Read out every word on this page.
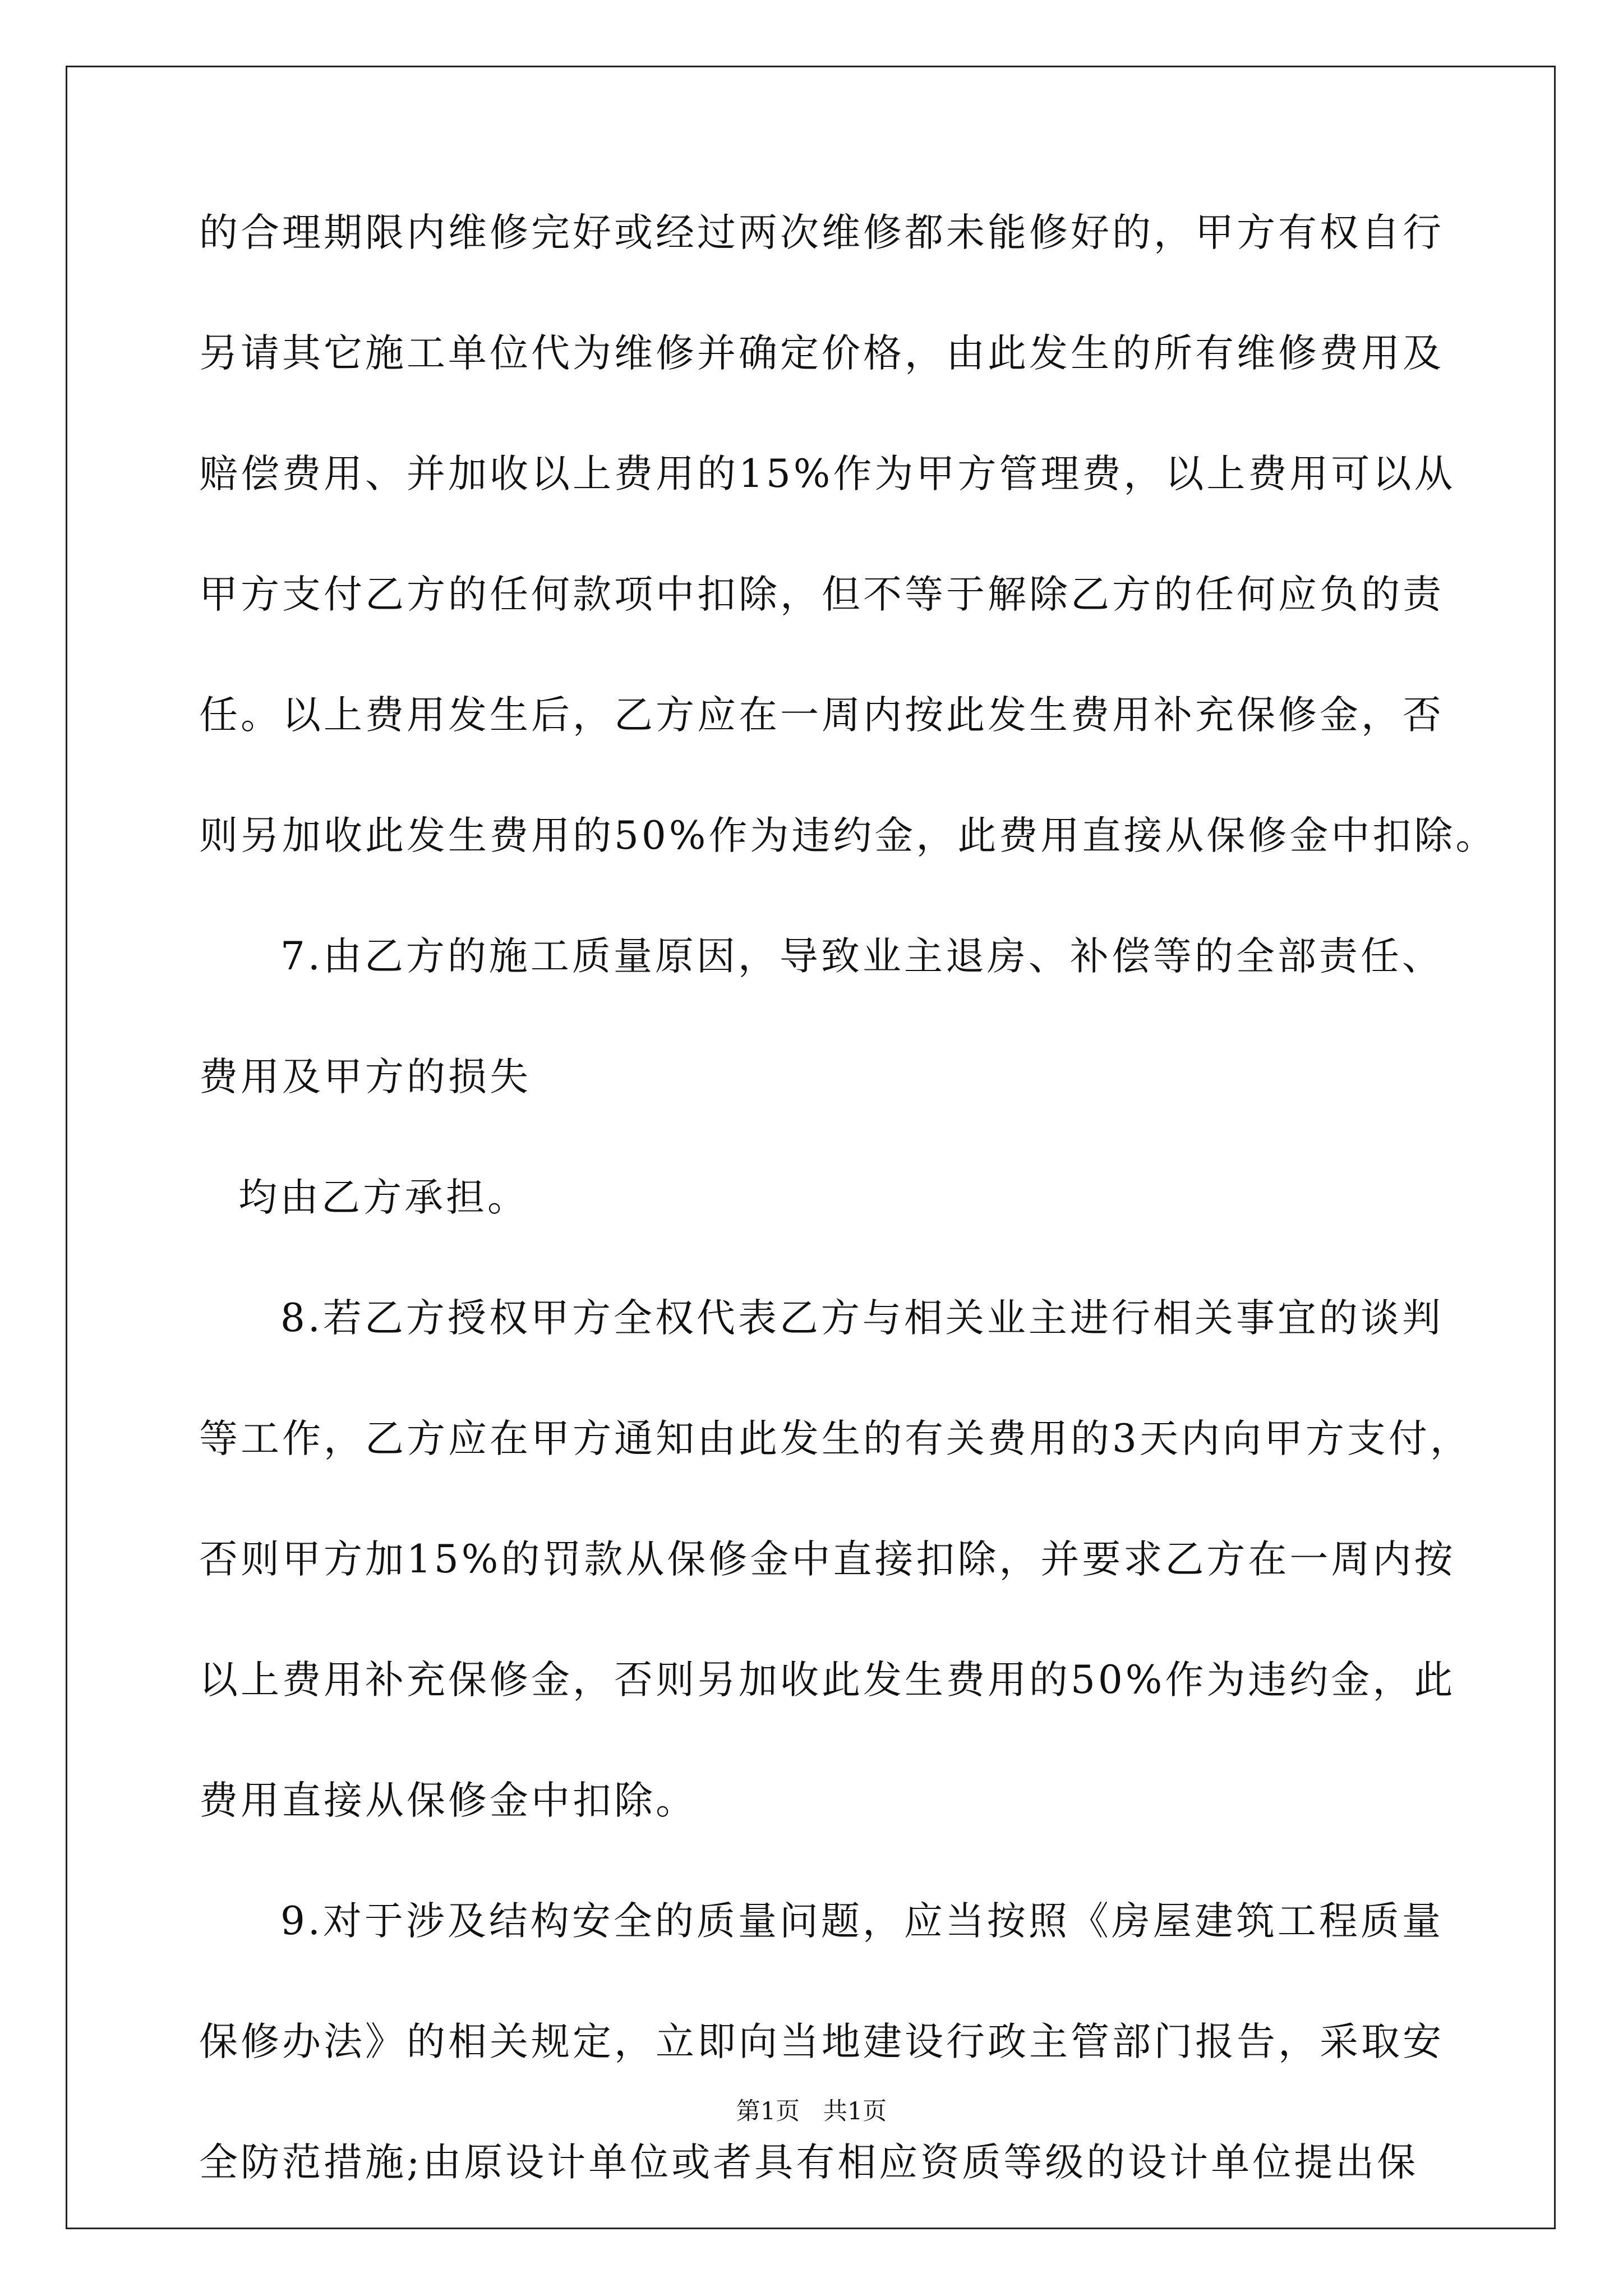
的合理期限内维修完好或经过两次维修都未能修好的，甲方有权自行
另请其它施工单位代为维修并确定价格，由此发生的所有维修费用及
赔偿费用、并加收以上费用的15%作为甲方管理费，以上费用可以从
甲方支付乙方的任何款项中扣除，但不等于解除乙方的任何应负的责
任。以上费用发生后，乙方应在一周内按此发生费用补充保修金，否
则另加收此发生费用的50%作为违约金，此费用直接从保修金中扣除。
7.由乙方的施工质量原因，导致业主退房、补偿等的全部责任、
费用及甲方的损失
均由乙方承担。
8.若乙方授权甲方全权代表乙方与相关业主进行相关事宜的谈判
等工作，乙方应在甲方通知由此发生的有关费用的3天内向甲方支付，
否则甲方加15%的罚款从保修金中直接扣除，并要求乙方在一周内按
以上费用补充保修金，否则另加收此发生费用的50%作为违约金，此
费用直接从保修金中扣除。
9.对于涉及结构安全的质量问题，应当按照《房屋建筑工程质量
保修办法》的相关规定，立即向当地建设行政主管部门报告，采取安
全防范措施;由原设计单位或者具有相应资质等级的设计单位提出保
第1页 共1页
